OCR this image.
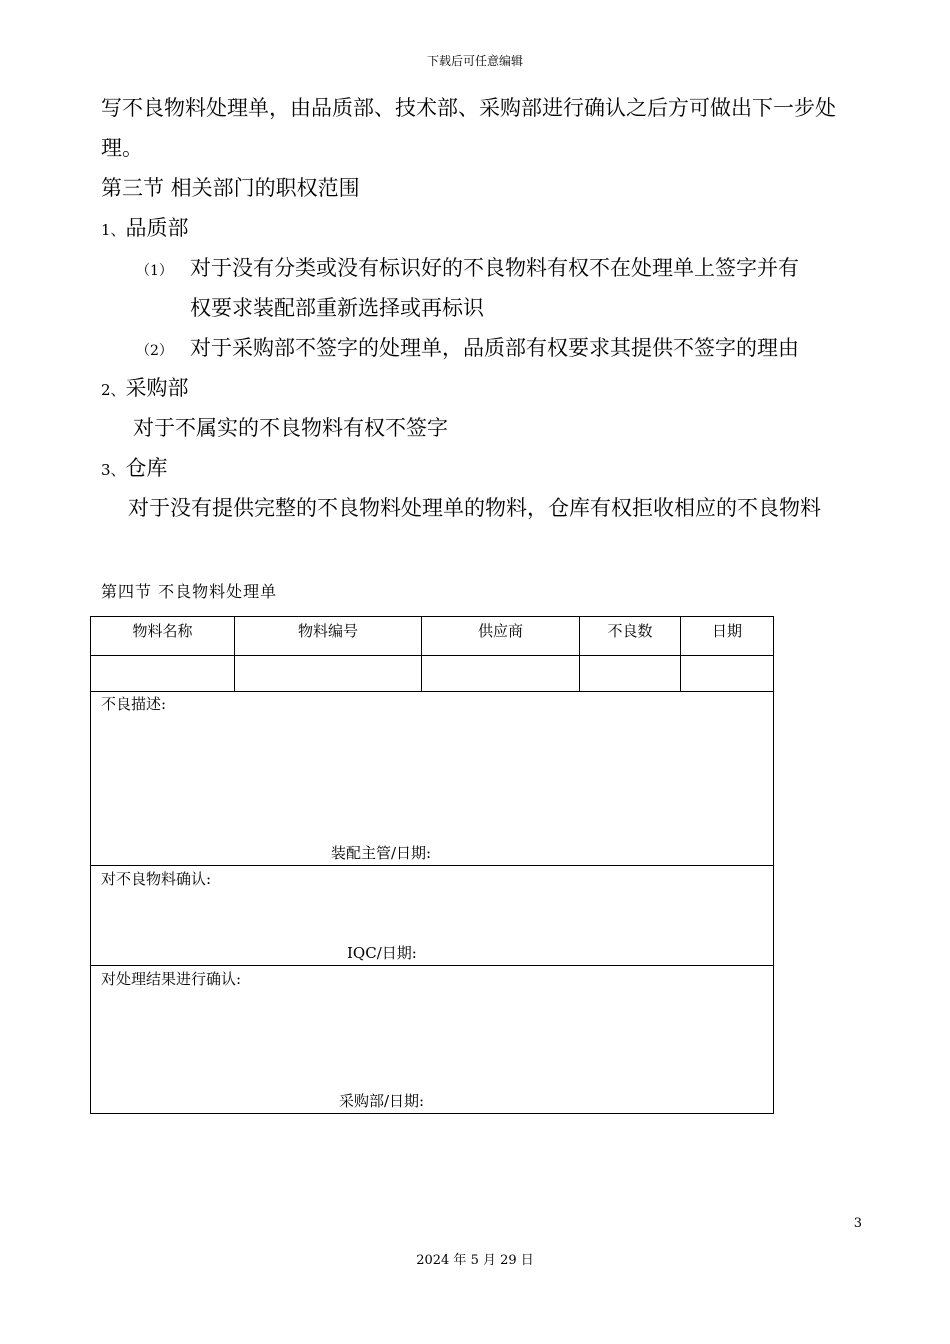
下载后可任意编辑
写不良物料处理单，由品质部、技术部、采购部进行确认之后方可做出下一步处理。
第三节 相关部门的职权范围
1、品质部
（1） 对于没有分类或没有标识好的不良物料有权不在处理单上签字并有
权要求装配部重新选择或再标识
（2） 对于采购部不签字的处理单，品质部有权要求其提供不签字的理由
2、采购部
对于不属实的不良物料有权不签字
3、仓库
对于没有提供完整的不良物料处理单的物料，仓库有权拒收相应的不良物料
第四节 不良物料处理单
物料名称	物料编号	供应商	不良数	日期
不良描述:
装配主管/日期:
对不良物料确认:
IQC/日期:
对处理结果进行确认:
采购部/日期:
3
2024 年 5 月 29 日
